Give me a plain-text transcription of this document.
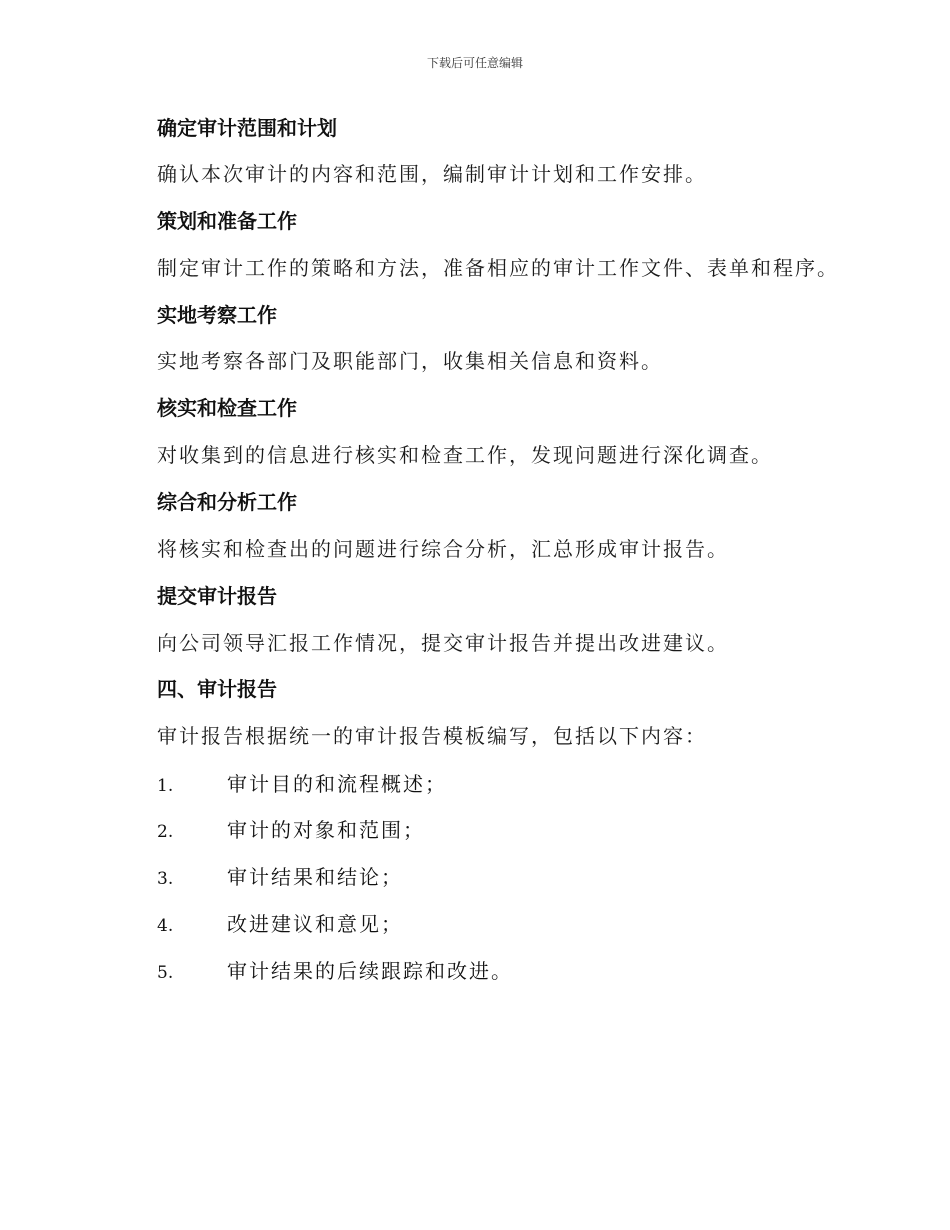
下载后可任意编辑
确定审计范围和计划
确认本次审计的内容和范围，编制审计计划和工作安排。
策划和准备工作
制定审计工作的策略和方法，准备相应的审计工作文件、表单和程序。
实地考察工作
实地考察各部门及职能部门，收集相关信息和资料。
核实和检查工作
对收集到的信息进行核实和检查工作，发现问题进行深化调查。
综合和分析工作
将核实和检查出的问题进行综合分析，汇总形成审计报告。
提交审计报告
向公司领导汇报工作情况，提交审计报告并提出改进建议。
四、审计报告
审计报告根据统一的审计报告模板编写，包括以下内容：
1.	审计目的和流程概述；
2.	审计的对象和范围；
3.	审计结果和结论；
4.	改进建议和意见；
5.	审计结果的后续跟踪和改进。
